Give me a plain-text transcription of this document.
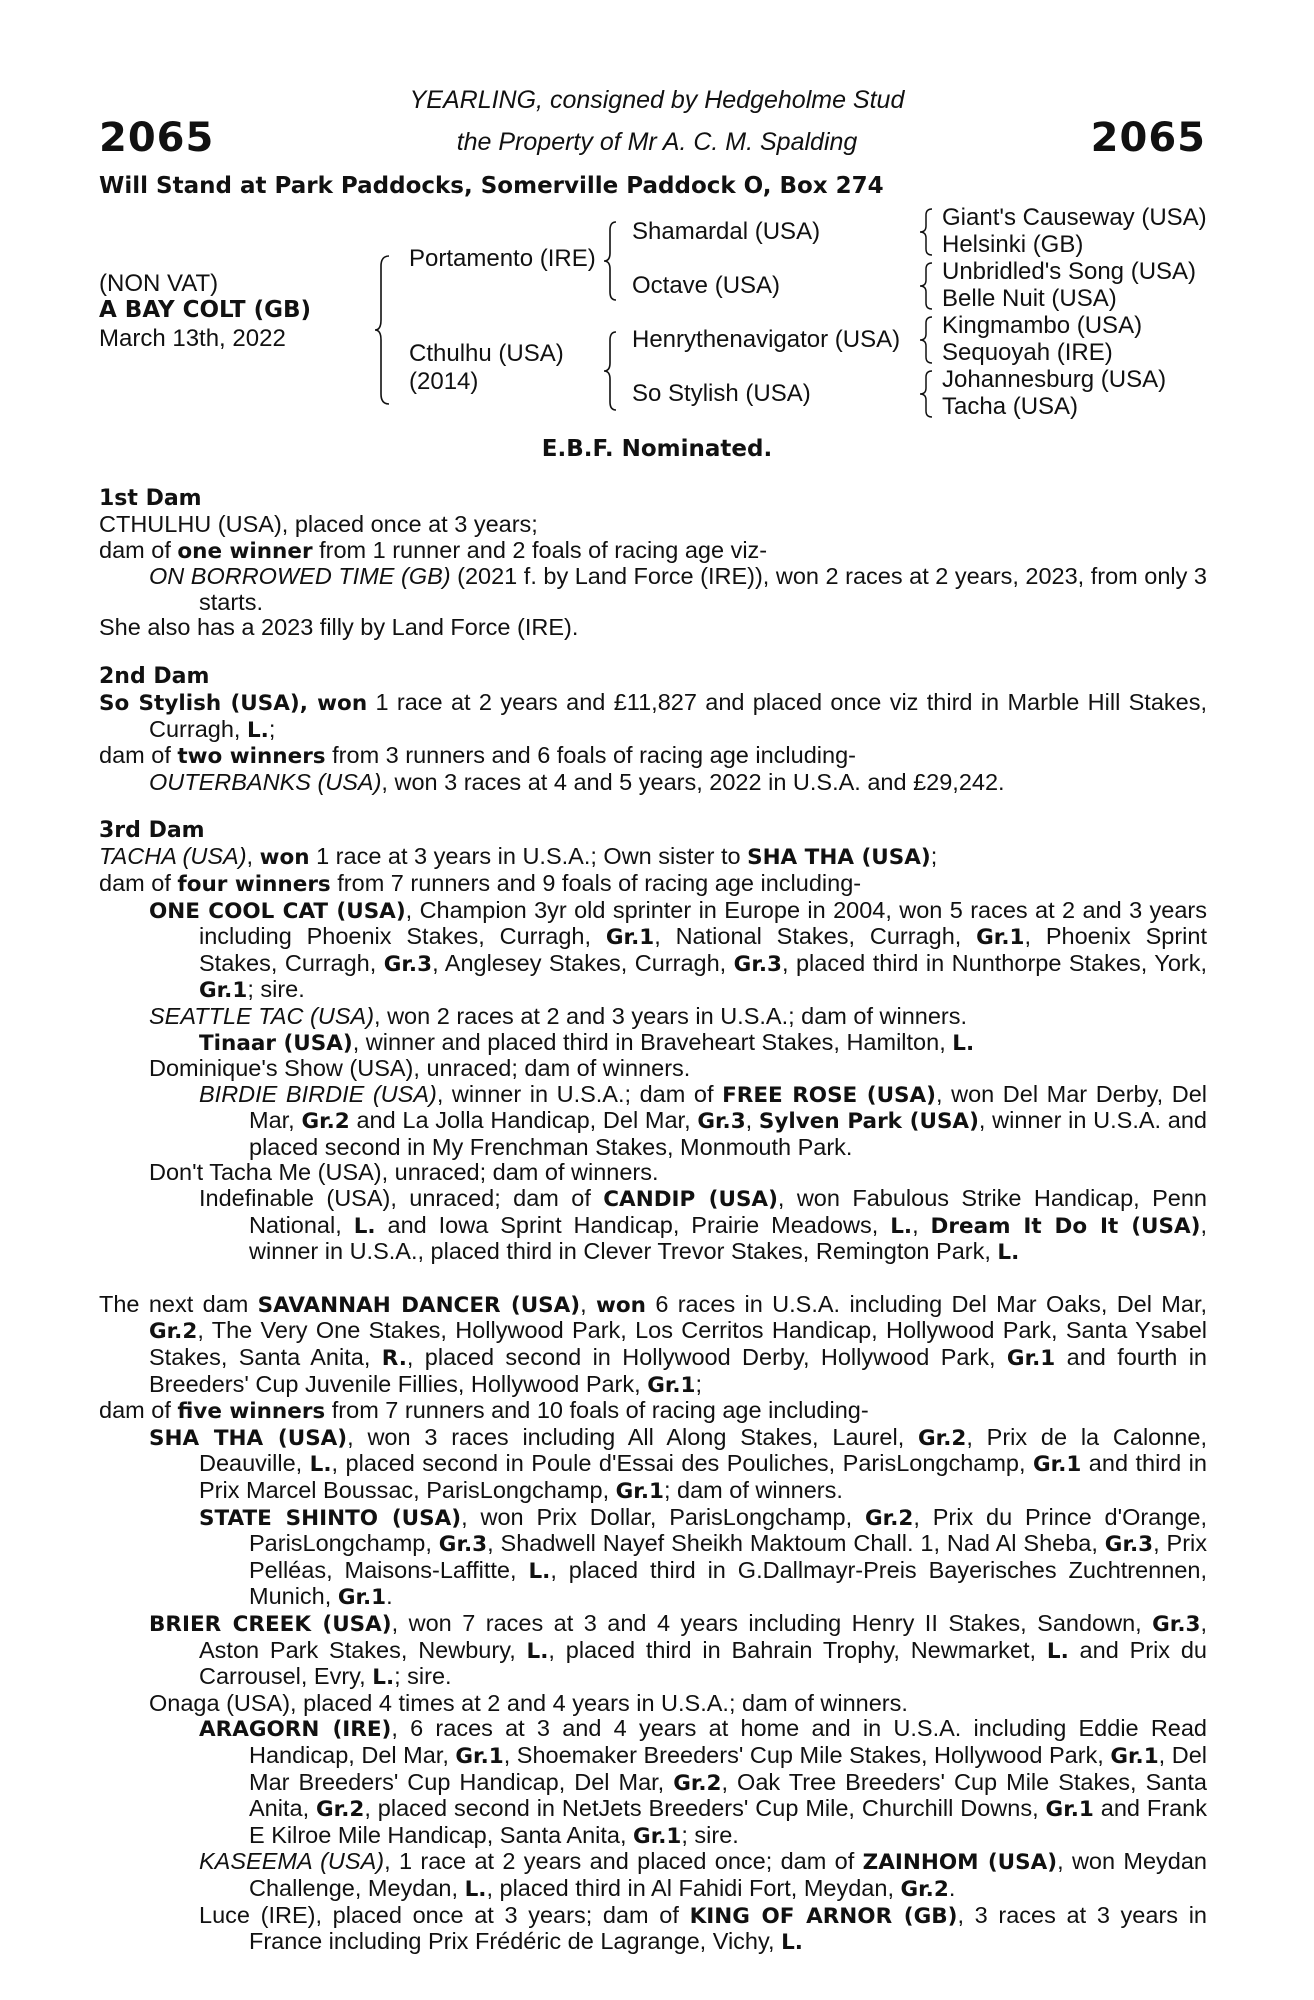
2065	2065
YEARLING, consigned by Hedgeholme Stud
the Property of Mr A. C. M. Spalding
Will Stand at Park Paddocks, Somerville Paddock O, Box 274
(NON VAT)
A BAY COLT (GB)
March 13th, 2022
Portamento (IRE)
Cthulhu (USA)
(2014)
Shamardal (USA)
Octave (USA)
Henrythenavigator (USA)
So Stylish (USA)
Giant's Causeway (USA)
Helsinki (GB)
Unbridled's Song (USA)
Belle Nuit (USA)
Kingmambo (USA)
Sequoyah (IRE)
Johannesburg (USA)
Tacha (USA)
E.B.F. Nominated.
1st Dam

CTHULHU (USA), placed once at 3 years;

dam of one winner from 1 runner and 2 foals of racing age viz-

ON BORROWED TIME (GB) (2021 f. by Land Force (IRE)), won 2 races at 2 years, 2023, from only 3 starts.

She also has a 2023 filly by Land Force (IRE).

2nd Dam

So Stylish (USA), won 1 race at 2 years and £11,827 and placed once viz third in Marble Hill Stakes, Curragh, L.;

dam of two winners from 3 runners and 6 foals of racing age including-

OUTERBANKS (USA), won 3 races at 4 and 5 years, 2022 in U.S.A. and £29,242.

3rd Dam

TACHA (USA), won 1 race at 3 years in U.S.A.; Own sister to SHA THA (USA);

dam of four winners from 7 runners and 9 foals of racing age including-

ONE COOL CAT (USA), Champion 3yr old sprinter in Europe in 2004, won 5 races at 2 and 3 years including Phoenix Stakes, Curragh, Gr.1, National Stakes, Curragh, Gr.1, Phoenix Sprint Stakes, Curragh, Gr.3, Anglesey Stakes, Curragh, Gr.3, placed third in Nunthorpe Stakes, York, Gr.1; sire.

SEATTLE TAC (USA), won 2 races at 2 and 3 years in U.S.A.; dam of winners.

Tinaar (USA), winner and placed third in Braveheart Stakes, Hamilton, L.

Dominique's Show (USA), unraced; dam of winners.

BIRDIE BIRDIE (USA), winner in U.S.A.; dam of FREE ROSE (USA), won Del Mar Derby, Del Mar, Gr.2 and La Jolla Handicap, Del Mar, Gr.3, Sylven Park (USA), winner in U.S.A. and placed second in My Frenchman Stakes, Monmouth Park.

Don't Tacha Me (USA), unraced; dam of winners.

Indefinable (USA), unraced; dam of CANDIP (USA), won Fabulous Strike Handicap, Penn National, L. and Iowa Sprint Handicap, Prairie Meadows, L., Dream It Do It (USA), winner in U.S.A., placed third in Clever Trevor Stakes, Remington Park, L.

The next dam SAVANNAH DANCER (USA), won 6 races in U.S.A. including Del Mar Oaks, Del Mar, Gr.2, The Very One Stakes, Hollywood Park, Los Cerritos Handicap, Hollywood Park, Santa Ysabel Stakes, Santa Anita, R., placed second in Hollywood Derby, Hollywood Park, Gr.1 and fourth in Breeders' Cup Juvenile Fillies, Hollywood Park, Gr.1;

dam of five winners from 7 runners and 10 foals of racing age including-

SHA THA (USA), won 3 races including All Along Stakes, Laurel, Gr.2, Prix de la Calonne, Deauville, L., placed second in Poule d'Essai des Pouliches, ParisLongchamp, Gr.1 and third in Prix Marcel Boussac, ParisLongchamp, Gr.1; dam of winners.

STATE SHINTO (USA), won Prix Dollar, ParisLongchamp, Gr.2, Prix du Prince d'Orange, ParisLongchamp, Gr.3, Shadwell Nayef Sheikh Maktoum Chall. 1, Nad Al Sheba, Gr.3, Prix Pelléas, Maisons-Laffitte, L., placed third in G.Dallmayr-Preis Bayerisches Zuchtrennen, Munich, Gr.1.

BRIER CREEK (USA), won 7 races at 3 and 4 years including Henry II Stakes, Sandown, Gr.3, Aston Park Stakes, Newbury, L., placed third in Bahrain Trophy, Newmarket, L. and Prix du Carrousel, Evry, L.; sire.

Onaga (USA), placed 4 times at 2 and 4 years in U.S.A.; dam of winners.

ARAGORN (IRE), 6 races at 3 and 4 years at home and in U.S.A. including Eddie Read Handicap, Del Mar, Gr.1, Shoemaker Breeders' Cup Mile Stakes, Hollywood Park, Gr.1, Del Mar Breeders' Cup Handicap, Del Mar, Gr.2, Oak Tree Breeders' Cup Mile Stakes, Santa Anita, Gr.2, placed second in NetJets Breeders' Cup Mile, Churchill Downs, Gr.1 and Frank E Kilroe Mile Handicap, Santa Anita, Gr.1; sire.

KASEEMA (USA), 1 race at 2 years and placed once; dam of ZAINHOM (USA), won Meydan Challenge, Meydan, L., placed third in Al Fahidi Fort, Meydan, Gr.2.

Luce (IRE), placed once at 3 years; dam of KING OF ARNOR (GB), 3 races at 3 years in France including Prix Frédéric de Lagrange, Vichy, L.
